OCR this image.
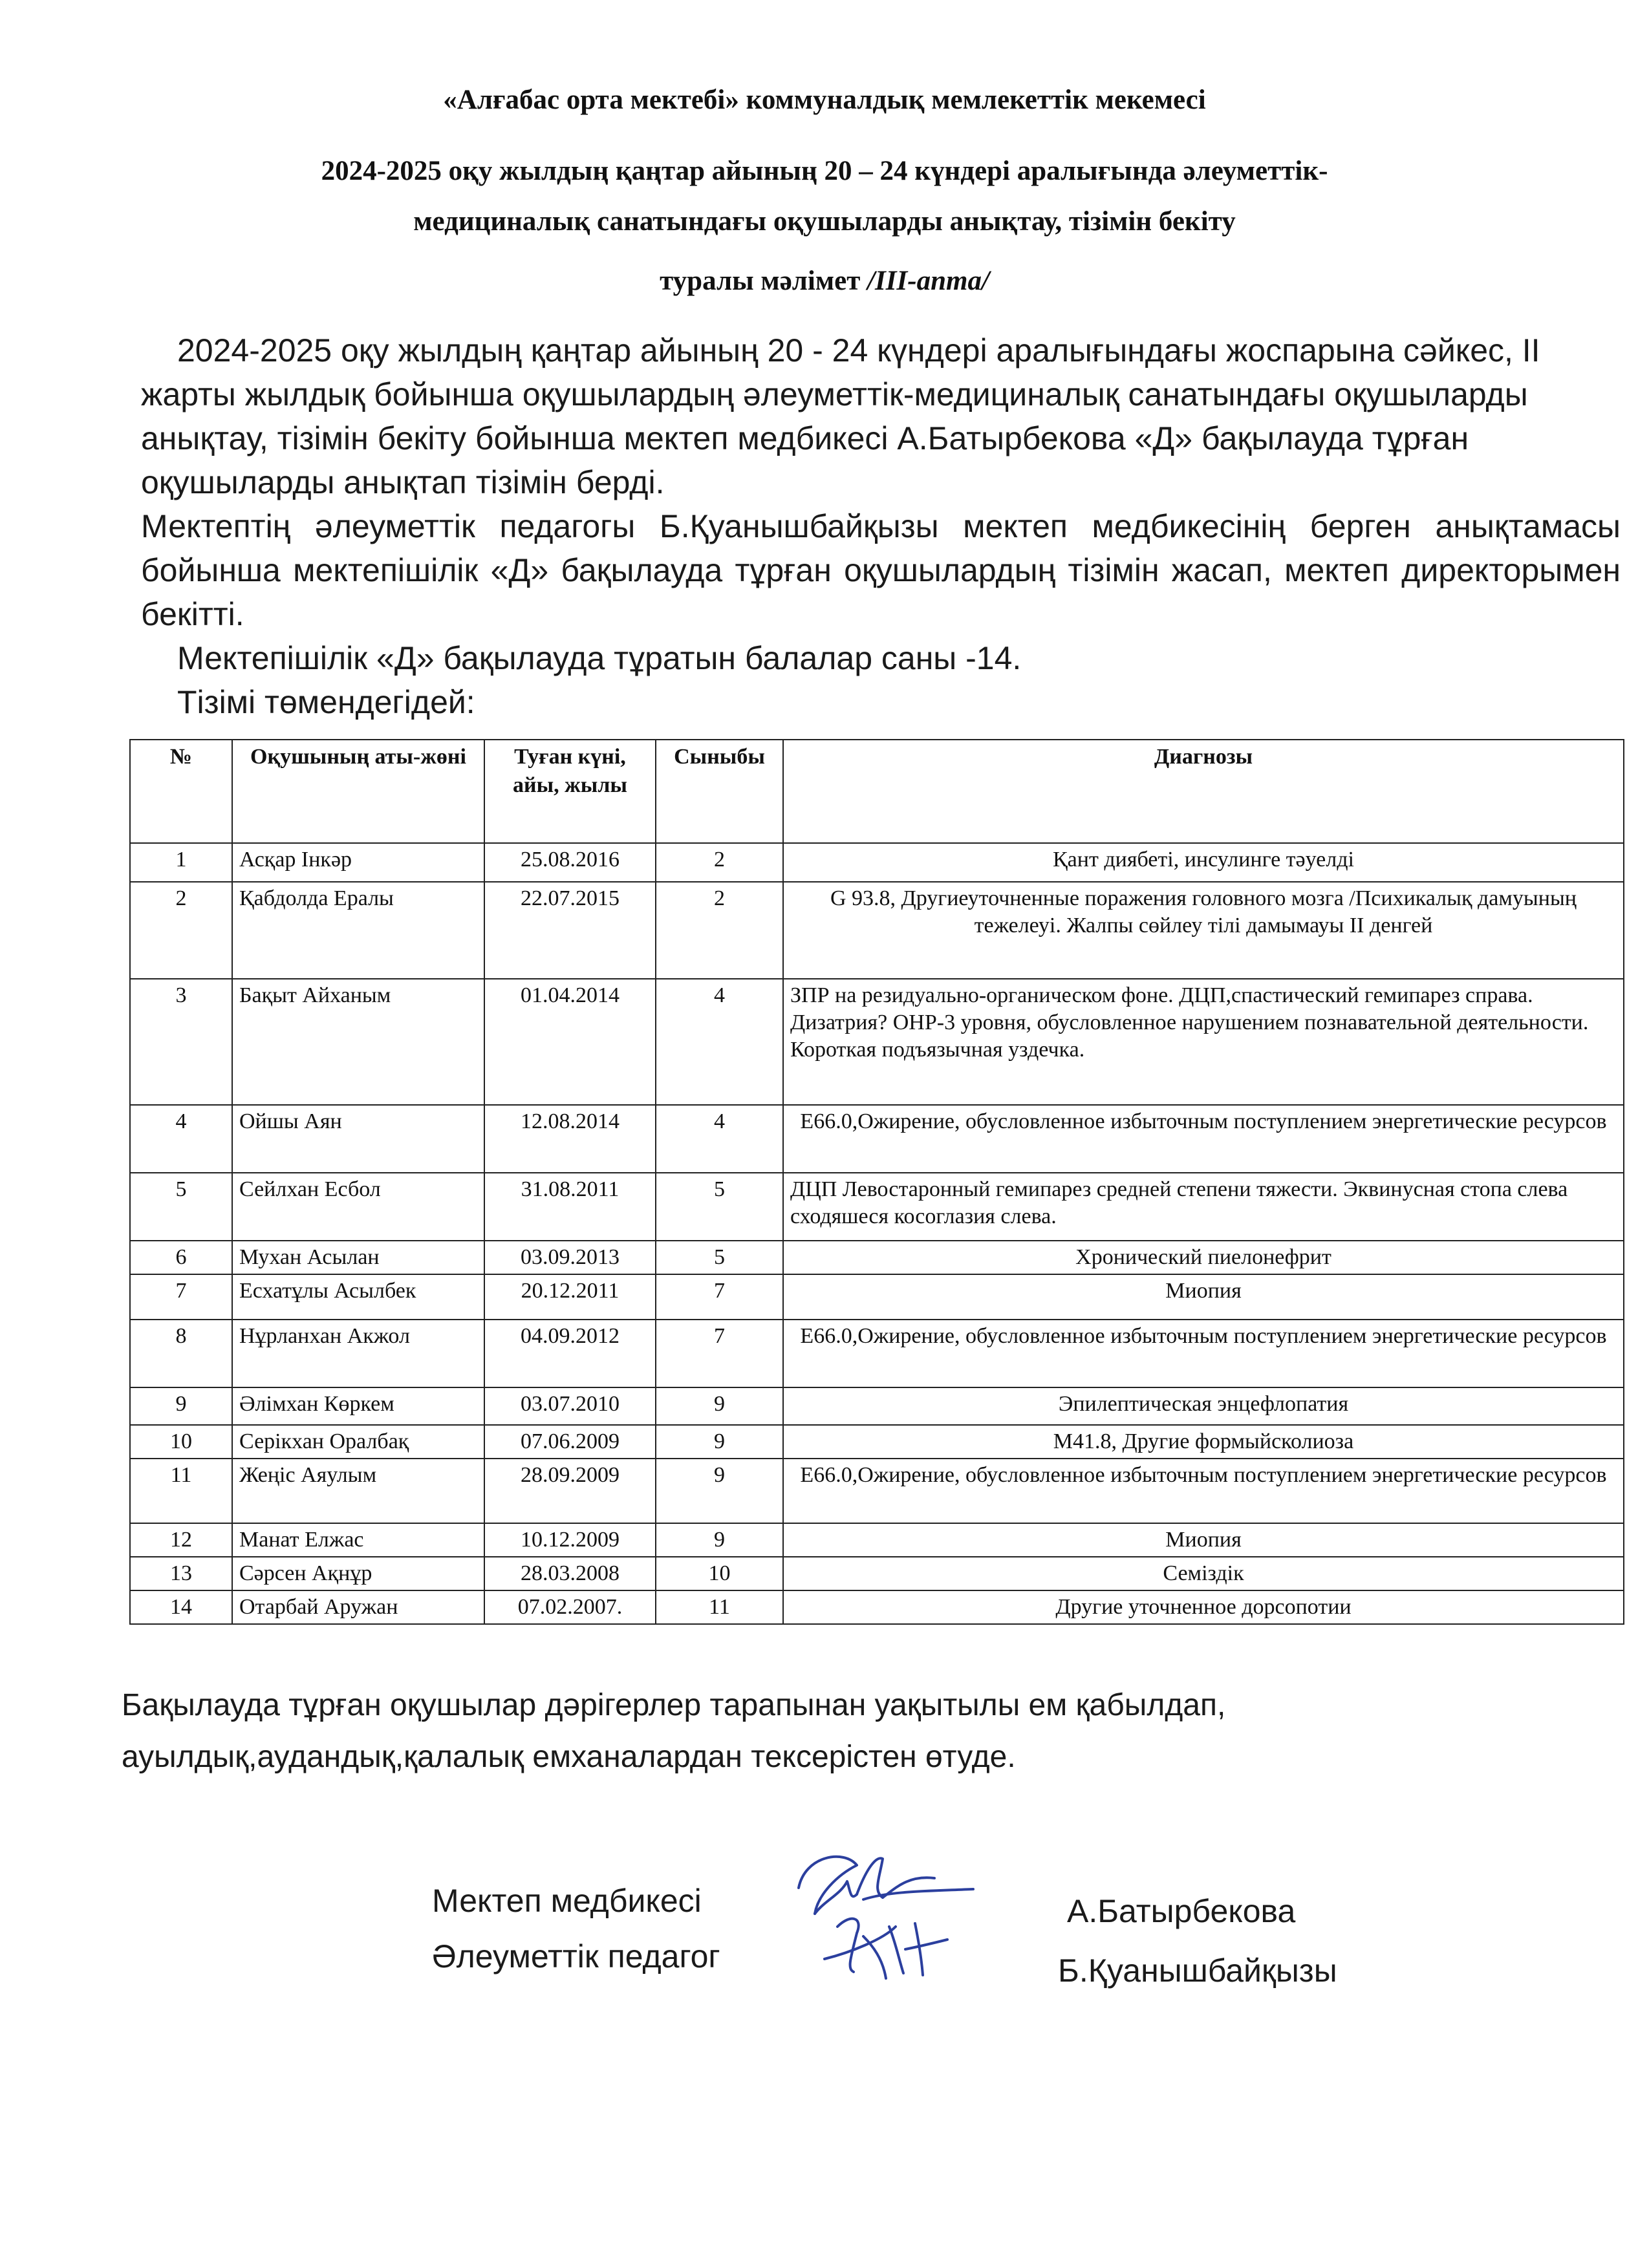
«Алғабас орта мектeбі» коммуналдық мемлекеттік мекемесі
2024-2025 оқу жылдың қаңтар айының 20 – 24 күндері аралығында әлеуметтік-
медициналық санатындағы оқушыларды анықтау, тізімін бекіту
туралы мәлімет /III-апта/

2024-2025 оқу жылдың қаңтар айының 20 - 24 күндері аралығындағы жоспарына сәйкес, II жарты жылдық бойынша оқушылардың әлеуметтік-медициналық санатындағы оқушыларды анықтау, тізімін бекіту бойынша мектеп медбикесі А.Батырбекова «Д» бақылауда тұрған оқушыларды анықтап тізімін берді.

Мектептің әлеуметтік педагогы Б.Қуанышбайқызы мектеп медбикесінің берген анықтамасы бойынша мектепішілік «Д» бақылауда тұрған оқушылардың тізімін жасап, мектеп директорымен бекітті.

Мектепішілік «Д» бақылауда тұратын балалар саны -14.

Тізімі төмендегідей:

№	Оқушының аты-жөні	Туған күні, айы, жылы	Сыныбы	Диагнозы
1	Асқар Інкәр	25.08.2016	2	Қант диябеті, инсулинге тәуелді
2	Қабдолда Ералы	22.07.2015	2	G 93.8, Другиеуточненные поражения головного мозга /Психикалық дамуының тежелеуі. Жалпы сөйлеу тілі дамымауы II денгей
3	Бақыт Айханым	01.04.2014	4	ЗПР на резидуально-органическом фоне. ДЦП,спастический гемипарез справа. Дизатрия? ОНР-3 уровня, обусловленное нарушением познавательной деятельности. Короткая подъязычная уздечка.
4	Ойшы Аян	12.08.2014	4	Е66.0,Ожирение, обусловленное избыточным поступлением энергетические ресурсов
5	Сейлхан Есбол	31.08.2011	5	ДЦП Левостаронный гемипарез средней степени тяжести. Эквинусная стопа слева сходяшеся косоглазия слева.
6	Мухан Асылан	03.09.2013	5	Хронический пиелонефрит
7	Есхатұлы Асылбек	20.12.2011	7	Миопия
8	Нұрланхан Акжол	04.09.2012	7	Е66.0,Ожирение, обусловленное избыточным поступлением энергетические ресурсов
9	Әлімхан Көркем	03.07.2010	9	Эпилептическая энцефлопатия
10	Серікхан Оралбақ	07.06.2009	9	М41.8, Другие формыйсколиоза
11	Жеңіс Аяулым	28.09.2009	9	Е66.0,Ожирение, обусловленное избыточным поступлением энергетические ресурсов
12	Манат Елжас	10.12.2009	9	Миопия
13	Сәрсен Ақнұр	28.03.2008	10	Семіздік
14	Отарбай Аружан	07.02.2007.	11	Другие уточненное дорсопотии
Бақылауда тұрған оқушылар дәрігерлер тарапынан уақытылы ем қабылдап, ауылдық,аудандық,қалалық емханалардан тексерістен өтуде.
Мектеп медбикесі	А.Батырбекова
Әлеуметтік педагог	Б.Қуанышбайқызы
